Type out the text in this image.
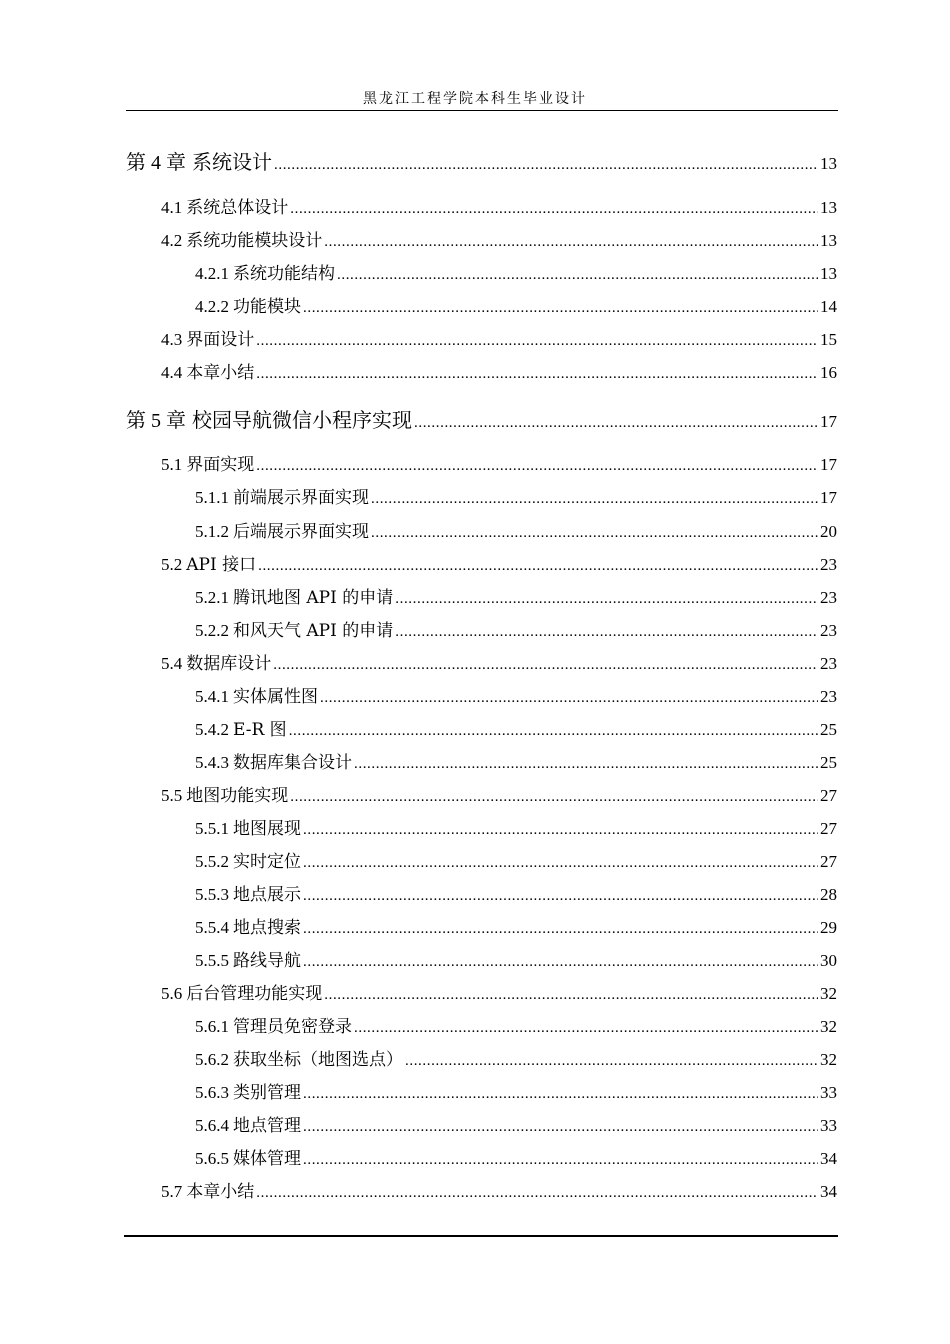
黑龙江工程学院本科生毕业设计
第 4 章 系统设计 .....	13
4.1 系统总体设计 .....	13
4.2 系统功能模块设计 .....	13
4.2.1 系统功能结构 .....	13
4.2.2 功能模块 .....	14
4.3 界面设计 .....	15
4.4 本章小结 .....	16
第 5 章 校园导航微信小程序实现 .....	17
5.1 界面实现 .....	17
5.1.1 前端展示界面实现 .....	17
5.1.2 后端展示界面实现 .....	20
5.2 API 接口 .....	23
5.2.1 腾讯地图 API 的申请 .....	23
5.2.2 和风天气 API 的申请 .....	23
5.4 数据库设计 .....	23
5.4.1 实体属性图 .....	23
5.4.2 E-R 图 .....	25
5.4.3 数据库集合设计 .....	25
5.5 地图功能实现 .....	27
5.5.1 地图展现 .....	27
5.5.2 实时定位 .....	27
5.5.3 地点展示 .....	28
5.5.4 地点搜索 .....	29
5.5.5 路线导航 .....	30
5.6 后台管理功能实现 .....	32
5.6.1 管理员免密登录 .....	32
5.6.2 获取坐标（地图选点） .....	32
5.6.3 类别管理 .....	33
5.6.4 地点管理 .....	33
5.6.5 媒体管理 .....	34
5.7 本章小结 .....	34
